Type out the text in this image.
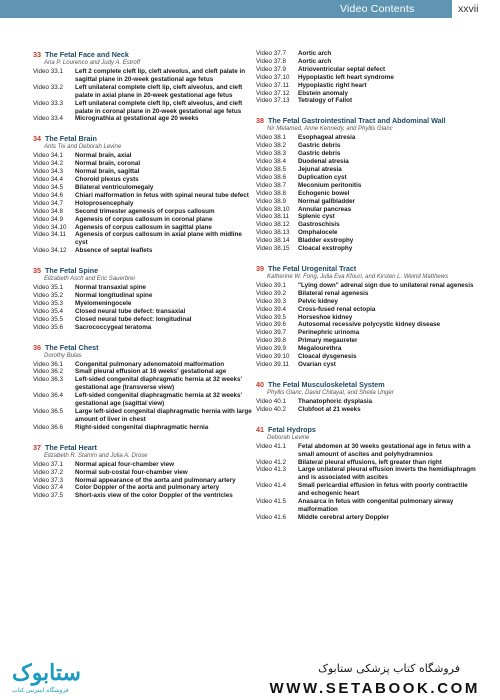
Video Contents	xxvii
33 The Fetal Face and Neck
Ana P. Lourenco and Judy A. Estroff
Video 33.1	Left 2 complete cleft lip, cleft alveolus, and cleft palate in sagittal plane in 20-week gestational age fetus
Video 33.2	Left unilateral complete cleft lip, cleft alveolus, and cleft palate in axial plane in 20-week gestational age fetus
Video 33.3	Left unilateral complete cleft lip, cleft alveolus, and cleft palate in coronal plane in 20-week gestational age fetus
Video 33.4	Micrognathia at gestational age 20 weeks
34 The Fetal Brain
Ants Toi and Deborah Levine
Video 34.1	Normal brain, axial
Video 34.2	Normal brain, coronal
Video 34.3	Normal brain, sagittal
Video 34.4	Choroid plexus cysts
Video 34.5	Bilateral ventriculomegaly
Video 34.6	Chiari malformation in fetus with spinal neural tube defect
Video 34.7	Holoprosencephaly
Video 34.8	Second trimester agenesis of corpus callosum
Video 34.9	Agenesis of corpus callosum in coronal plane
Video 34.10	Agenesis of corpus callosum in sagittal plane
Video 34.11	Agenesis of corpus callosum in axial plane with midline cyst
Video 34.12	Absence of septal leaflets
35 The Fetal Spine
Elizabeth Asch and Eric Sauerbrei
Video 35.1	Normal transaxial spine
Video 35.2	Normal longitudinal spine
Video 35.3	Myelomeningocele
Video 35.4	Closed neural tube defect: transaxial
Video 35.5	Closed neural tube defect: longitudinal
Video 35.6	Sacrococcygeal teratoma
36 The Fetal Chest
Dorothy Bulas
Video 36.1	Congenital pulmonary adenomatoid malformation
Video 36.2	Small pleural effusion at 16 weeks' gestational age
Video 36.3	Left-sided congenital diaphragmatic hernia at 32 weeks' gestational age (transverse view)
Video 36.4	Left-sided congenital diaphragmatic hernia at 32 weeks' gestational age (sagittal view)
Video 36.5	Large left-sided congenital diaphragmatic hernia with large amount of liver in chest
Video 36.6	Right-sided congenital diaphragmatic hernia
37 The Fetal Heart
Elizabeth R. Stamm and Julia A. Drose
Video 37.1	Normal apical four-chamber view
Video 37.2	Normal sub-costal four-chamber view
Video 37.3	Normal appearance of the aorta and pulmonary artery
Video 37.4	Color Doppler of the aorta and pulmonary artery
Video 37.5	Short-axis view of the color Doppler of the ventricles
Video 37.7	Aortic arch
Video 37.8	Aortic arch
Video 37.9	Atrioventricular septal defect
Video 37.10	Hypoplastic left heart syndrome
Video 37.11	Hypoplastic right heart
Video 37.12	Ebstein anomaly
Video 37.13	Tetralogy of Fallot
38 The Fetal Gastrointestinal Tract and Abdominal Wall
Nir Melamed, Anne Kennedy, and Phyllis Glanc
Video 38.1	Esophageal atresia
Video 38.2	Gastric debris
Video 38.3	Gastric debris
Video 38.4	Duodenal atresia
Video 38.5	Jejunal atresia
Video 38.6	Duplication cyst
Video 38.7	Meconium peritonitis
Video 38.8	Echogenic bowel
Video 38.9	Normal gallbladder
Video 38.10	Annular pancreas
Video 38.11	Splenic cyst
Video 38.12	Gastroschisis
Video 38.13	Omphalocele
Video 38.14	Bladder exstrophy
Video 38.15	Cloacal exstrophy
39 The Fetal Urogenital Tract
Katherine W. Fong, Julia Eva Kfouri, and Kirsten L. Weind Matthews
Video 39.1	"Lying down" adrenal sign due to unilateral renal agenesis
Video 39.2	Bilateral renal agenesis
Video 39.3	Pelvic kidney
Video 39.4	Cross-fused renal ectopia
Video 39.5	Horseshoe kidney
Video 39.6	Autosomal recessive polycystic kidney disease
Video 39.7	Perinephric urinoma
Video 39.8	Primary megaureter
Video 39.9	Megalourethra
Video 39.10	Cloacal dysgenesis
Video 39.11	Ovarian cyst
40 The Fetal Musculoskeletal System
Phyllis Glanc, David Chitayat, and Sheila Unger
Video 40.1	Thanatophoric dysplasia
Video 40.2	Clubfoot at 21 weeks
41 Fetal Hydrops
Deborah Levine
Video 41.1	Fetal abdomen at 30 weeks gestational age in fetus with a small amount of ascites and polyhydramnios
Video 41.2	Bilateral pleural effusions, left greater than right
Video 41.3	Large unilateral pleural effusion inverts the hemidiaphragm and is associated with ascites
Video 41.4	Small pericardial effusion in fetus with poorly contractile and echogenic heart
Video 41.5	Anasarca in fetus with congenital pulmonary airway malformation
Video 41.6	Middle cerebral artery Doppler
ستابوک
فروشگاه اینترنتی کتاب
فروشگاه کتاب پزشکی ستابوک
WWW.SETABOOK.COM
